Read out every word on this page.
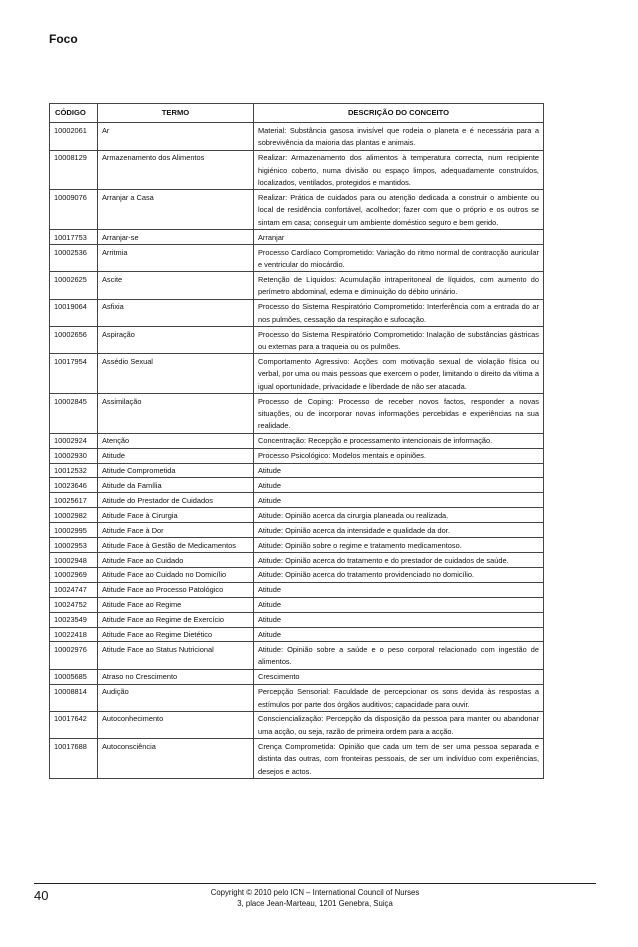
Foco
CÓDIGO	TERMO	DESCRIÇÃO DO CONCEITO
10002061	Ar	Material: Substância gasosa invisível que rodeia o planeta e é necessária para a sobrevivência da maioria das plantas e animais.
10008129	Armazenamento dos Alimentos	Realizar: Armazenamento dos alimentos à temperatura correcta, num recipiente higiénico coberto, numa divisão ou espaço limpos, adequadamente construídos, localizados, ventilados, protegidos e mantidos.
10009076	Arranjar a Casa	Realizar: Prática de cuidados para ou atenção dedicada a construir o ambiente ou local de residência confortável, acolhedor; fazer com que o próprio e os outros se sintam em casa; conseguir um ambiente doméstico seguro e bem gerido.
10017753	Arranjar-se	Arranjar
10002536	Arritmia	Processo Cardíaco Comprometido: Variação do ritmo normal de contracção auricular e ventricular do miocárdio.
10002625	Ascite	Retenção de Líquidos: Acumulação intraperitoneal de líquidos, com aumento do perímetro abdominal, edema e diminuição do débito urinário.
10019064	Asfixia	Processo do Sistema Respiratório Comprometido: Interferência com a entrada do ar nos pulmões, cessação da respiração e sufocação.
10002656	Aspiração	Processo do Sistema Respiratório Comprometido: Inalação de substâncias gástricas ou externas para a traqueia ou os pulmões.
10017954	Assédio Sexual	Comportamento Agressivo: Acções com motivação sexual de violação física ou verbal, por uma ou mais pessoas que exercem o poder, limitando o direito da vítima a igual oportunidade, privacidade e liberdade de não ser atacada.
10002845	Assimilação	Processo de Coping: Processo de receber novos factos, responder a novas situações, ou de incorporar novas informações percebidas e experiências na sua realidade.
10002924	Atenção	Concentração: Recepção e processamento intencionais de informação.
10002930	Atitude	Processo Psicológico: Modelos mentais e opiniões.
10012532	Atitude Comprometida	Atitude
10023646	Atitude da Família	Atitude
10025617	Atitude do Prestador de Cuidados	Atitude
10002982	Atitude Face à Cirurgia	Atitude: Opinião acerca da cirurgia planeada ou realizada.
10002995	Atitude Face à Dor	Atitude: Opinião acerca da intensidade e qualidade da dor.
10002953	Atitude Face à Gestão de Medicamentos	Atitude: Opinião sobre o regime e tratamento medicamentoso.
10002948	Atitude Face ao Cuidado	Atitude: Opinião acerca do tratamento e do prestador de cuidados de saúde.
10002969	Atitude Face ao Cuidado no Domicílio	Atitude: Opinião acerca do tratamento providenciado no domicílio.
10024747	Atitude Face ao Processo Patológico	Atitude
10024752	Atitude Face ao Regime	Atitude
10023549	Atitude Face ao Regime de Exercício	Atitude
10022418	Atitude Face ao Regime Dietético	Atitude
10002976	Atitude Face ao Status Nutricional	Atitude: Opinião sobre a saúde e o peso corporal relacionado com ingestão de alimentos.
10005685	Atraso no Crescimento	Crescimento
10008814	Audição	Percepção Sensorial: Faculdade de percepcionar os sons devida às respostas a estímulos por parte dos órgãos auditivos; capacidade para ouvir.
10017642	Autoconhecimento	Consciencialização: Percepção da disposição da pessoa para manter ou abandonar uma acção, ou seja, razão de primeira ordem para a acção.
10017688	Autoconsciência	Crença Comprometida: Opinião que cada um tem de ser uma pessoa separada e distinta das outras, com fronteiras pessoais, de ser um indivíduo com experiências, desejos e actos.
40	Copyright © 2010 pelo ICN – International Council of Nurses
3, place Jean-Marteau, 1201 Genebra, Suiça
